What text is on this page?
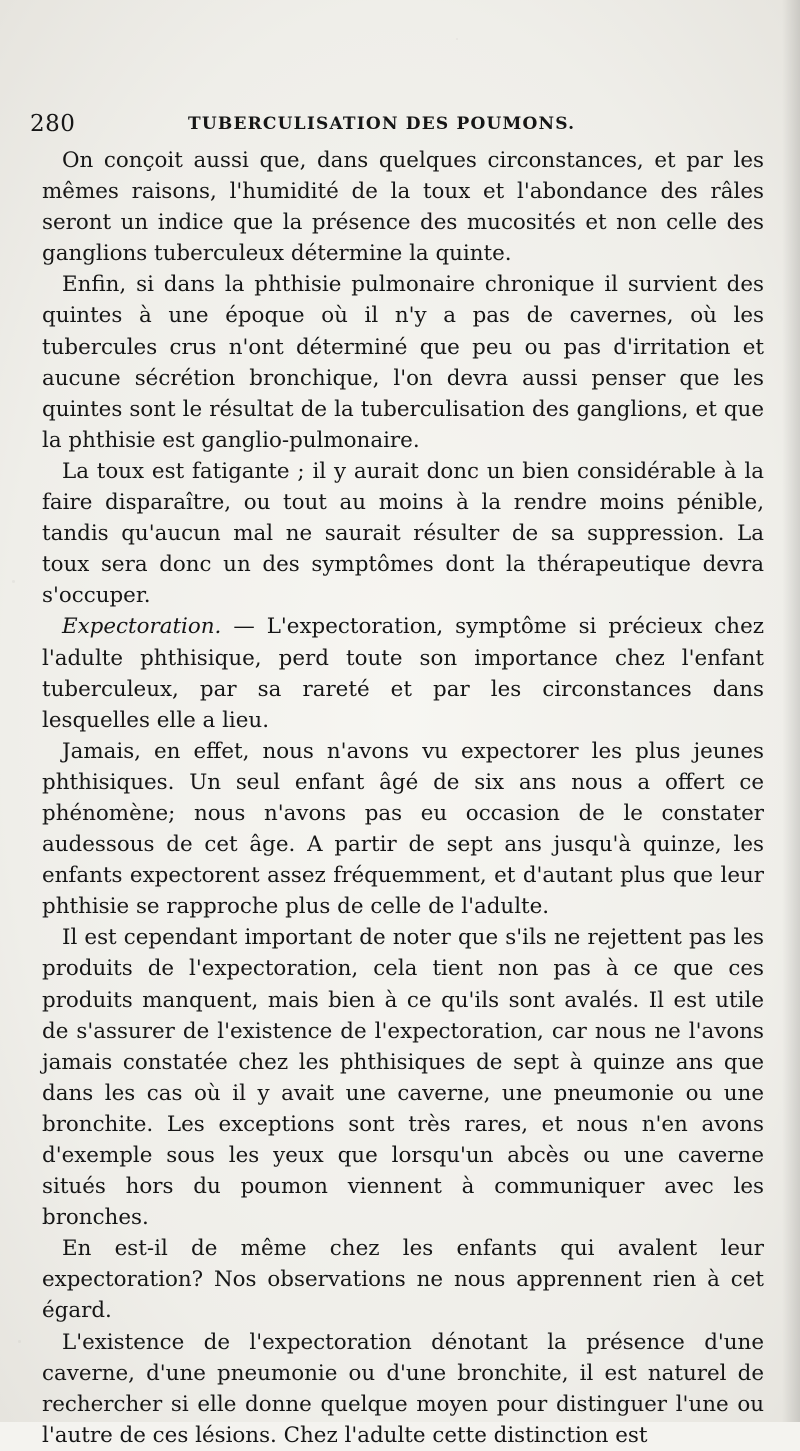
280	TUBERCULISATION DES POUMONS.

On conçoit aussi que, dans quelques circonstances, et par les mêmes raisons, l'humidité de la toux et l'abondance des râles seront un indice que la présence des mucosités et non celle des ganglions tuberculeux détermine la quinte.

Enfin, si dans la phthisie pulmonaire chronique il survient des quintes à une époque où il n'y a pas de cavernes, où les tubercules crus n'ont déterminé que peu ou pas d'irritation et aucune sécrétion bronchique, l'on devra aussi penser que les quintes sont le résultat de la tuberculisation des ganglions, et que la phthisie est ganglio-pulmonaire.

La toux est fatigante ; il y aurait donc un bien considérable à la faire disparaître, ou tout au moins à la rendre moins pénible, tandis qu'aucun mal ne saurait résulter de sa suppression. La toux sera donc un des symptômes dont la thérapeutique devra s'occuper.

Expectoration. — L'expectoration, symptôme si précieux chez l'adulte phthisique, perd toute son importance chez l'enfant tuberculeux, par sa rareté et par les circonstances dans lesquelles elle a lieu.

Jamais, en effet, nous n'avons vu expectorer les plus jeunes phthisiques. Un seul enfant âgé de six ans nous a offert ce phénomène; nous n'avons pas eu occasion de le constater audessous de cet âge. A partir de sept ans jusqu'à quinze, les enfants expectorent assez fréquemment, et d'autant plus que leur phthisie se rapproche plus de celle de l'adulte.

Il est cependant important de noter que s'ils ne rejettent pas les produits de l'expectoration, cela tient non pas à ce que ces produits manquent, mais bien à ce qu'ils sont avalés. Il est utile de s'assurer de l'existence de l'expectoration, car nous ne l'avons jamais constatée chez les phthisiques de sept à quinze ans que dans les cas où il y avait une caverne, une pneumonie ou une bronchite. Les exceptions sont très rares, et nous n'en avons d'exemple sous les yeux que lorsqu'un abcès ou une caverne situés hors du poumon viennent à communiquer avec les bronches.

En est-il de même chez les enfants qui avalent leur expectoration? Nos observations ne nous apprennent rien à cet égard.

L'existence de l'expectoration dénotant la présence d'une caverne, d'une pneumonie ou d'une bronchite, il est naturel de rechercher si elle donne quelque moyen pour distinguer l'une ou l'autre de ces lésions. Chez l'adulte cette distinction est
